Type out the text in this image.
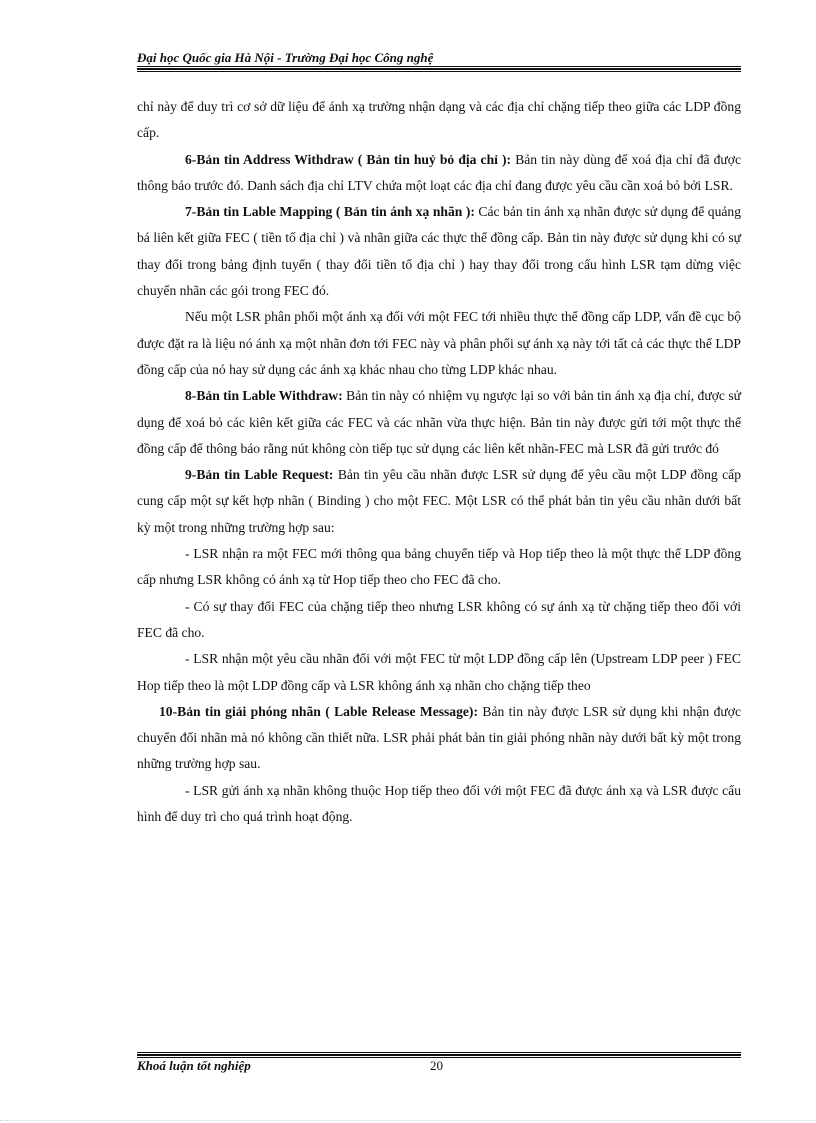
Đại học Quốc gia Hà Nội - Trường Đại học Công nghệ

chỉ này để duy trì cơ sở dữ liệu để ánh xạ trường nhận dạng và các địa chỉ chặng tiếp theo giữa các LDP đồng cấp.

6-Bản tin Address Withdraw ( Bản tin huỷ bỏ địa chỉ ): Bản tin này dùng để xoá địa chỉ đã được thông báo trước đó. Danh sách địa chỉ LTV chứa một loạt các địa chỉ đang được yêu cầu cần xoá bỏ bởi LSR.

7-Bản tin Lable Mapping ( Bản tin ánh xạ nhãn ): Các bản tin ánh xạ nhãn được sử dụng để quảng bá liên kết giữa FEC ( tiền tố địa chỉ ) và nhãn giữa các thực thể đồng cấp. Bản tin này được sử dụng khi có sự thay đổi trong bảng định tuyến ( thay đổi tiền tố địa chỉ ) hay thay đổi trong cấu hình LSR tạm dừng việc chuyển nhãn các gói trong FEC đó.

Nếu một LSR phân phối một ánh xạ đối với một FEC tới nhiều thực thể đồng cấp LDP, vấn đề cục bộ được đặt ra là liệu nó ánh xạ một nhãn đơn tới FEC này và phân phối sự ánh xạ này tới tất cả các thực thể LDP đồng cấp của nó hay sử dụng các ánh xạ khác nhau cho từng LDP khác nhau.

8-Bản tin Lable Withdraw: Bản tin này có nhiệm vụ ngược lại so với bản tin ánh xạ địa chỉ, được sử dụng để xoá bỏ các kiên kết giữa các FEC và các nhãn vừa thực hiện. Bản tin này được gửi tới một thực thể đồng cấp để thông báo rằng nút không còn tiếp tục sử dụng các liên kết nhãn-FEC mà LSR đã gửi trước đó

9-Bản tin Lable Request: Bản tin yêu cầu nhãn được LSR sử dụng để yêu cầu một LDP đồng cấp cung cấp một sự kết hợp nhãn ( Binding ) cho một FEC. Một LSR có thể phát bản tin yêu cầu nhãn dưới bất kỳ một trong những trường hợp sau:

- LSR nhận ra một FEC mới thông qua bảng chuyển tiếp và Hop tiếp theo là một thực thể LDP đồng cấp nhưng LSR không có ánh xạ từ Hop tiếp theo cho FEC đã cho.

- Có sự thay đổi FEC của chặng tiếp theo nhưng LSR không có sự ánh xạ từ chặng tiếp theo đối với FEC đã cho.

- LSR nhận một yêu cầu nhãn đối với một FEC từ một LDP đồng cấp lên (Upstream LDP peer ) FEC Hop tiếp theo là một LDP đồng cấp và LSR không ánh xạ nhãn cho chặng tiếp theo

10-Bản tin giải phóng nhãn ( Lable Release Message): Bản tin này được LSR sử dụng khi nhận được chuyển đổi nhãn mà nó không cần thiết nữa. LSR phải phát bản tin giải phóng nhãn này dưới bất kỳ một trong những trường hợp sau.

- LSR gửi ánh xạ nhãn không thuộc Hop tiếp theo đối với một FEC đã được ánh xạ và LSR được cấu hình để duy trì cho quá trình hoạt động.

Khoá luận tốt nghiệp	20
